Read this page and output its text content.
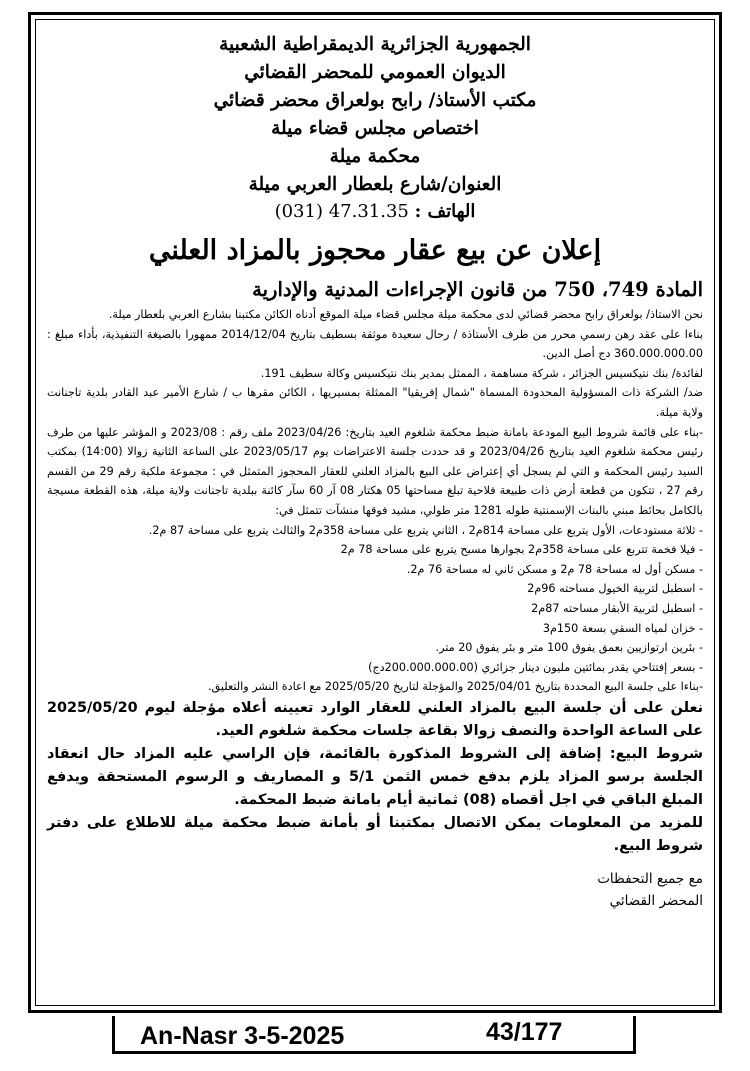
الجمهورية الجزائرية الديمقراطية الشعبية
الديوان العمومي للمحضر القضائي
مكتب الأستاذ/ رابح بولعراق محضر قضائي
اختصاص مجلس قضاء ميلة
محكمة ميلة
العنوان/شارع بلعطار العربي ميلة
الهاتف : (031) 47.31.35
إعلان عن بيع عقار محجوز بالمزاد العلني
المادة 749، 750 من قانون الإجراءات المدنية والإدارية

نحن الاستاذ/ بولعراق رابح محضر قضائي لدى محكمة ميلة مجلس قضاء ميلة الموقع أدناه الكائن مكتبنا بشارع العربي بلعطار ميلة.

بناءا على عقد رهن رسمي محرر من طرف الأستاذة / رحال سعيدة موثقة بسطيف بتاريخ 2014/12/04 ممهورا بالصيغة التنفيذية، بأداء مبلغ : 360.000.000.00 دج أصل الدين.

لفائدة/ بنك نتيكسيس الجزائر ، شركة مساهمة ، الممثل بمدير بنك نتيكسيس وكالة سطيف 191.

ضد/ الشركة ذات المسؤولية المحدودة المسماة "شمال إفريقيا" الممثلة بمسيريها ، الكائن مقرها ب / شارع الأمير عبد القادر بلدية تاجنانت ولاية ميلة.

-بناء على قائمة شروط البيع المودعة بامانة ضبط محكمة شلغوم العيد بتاريخ: 2023/04/26 ملف رقم : 2023/08 و المؤشر عليها من طرف رئيس محكمة شلغوم العيد بتاريخ 2023/04/26 و قد حددت جلسة الاعتراضات يوم 2023/05/17 على الساعة الثانية زوالا (14:00) بمكتب السيد رئيس المحكمة و التي لم يسجل أي إعتراض على البيع بالمزاد العلني للعقار المحجوز المتمثل في : مجموعة ملكية رقم 29 من القسم رقم 27 ، تتكون من قطعة أرض ذات طبيعة فلاحية تبلغ مساحتها 05 هكتار 08 آر 60 سآر كائنة ببلدية تاجنانت ولاية ميلة، هذه القطعة مسيجة بالكامل بحائط مبني بالبنات الإسمنتية طوله 1281 متر طولي، مشيد فوقها منشآت تتمثل في:

- ثلاثة مستودعات، الأول يتربع على مساحة 814م2 ، الثاني يتربع على مساحة 358م2 والثالث يتربع على مساحة 87 م2.

- فيلا فخمة تتربع على مساحة 358م2 بجوارها مسبح يتربع على مساحة 78 م2

- مسكن أول له مساحة 78 م2 و مسكن ثاني له مساحة 76 م2.

- اسطبل لتربية الخيول مساحته 96م2

- اسطبل لتربية الأبقار مساحته 87م2

- خزان لمياه السقي بسعة 150م3

- بئرين ارتوازيين بعمق يفوق 100 متر و بئر يفوق 20 متر.

- بسعر إفتتاحي يقدر بمائتين مليون دينار جزائري (200.000.000.00دج)

-بناءا على جلسة البيع المحددة بتاريخ 2025/04/01 والمؤجلة لتاريخ 2025/05/20 مع اعادة النشر والتعليق.

نعلن على أن جلسة البيع بالمزاد العلني للعقار الوارد تعيينه أعلاه مؤجلة ليوم 2025/05/20 على الساعة الواحدة والنصف زوالا بقاعة جلسات محكمة شلغوم العيد.

شروط البيع: إضافة إلى الشروط المذكورة بالقائمة، فإن الراسي عليه المزاد حال انعقاد الجلسة برسو المزاد يلزم بدفع خمس الثمن 5/1 و المصاريف و الرسوم المستحقة ويدفع المبلغ الباقي في اجل أقصاه (08) ثمانية أيام بامانة ضبط المحكمة.

للمزيد من المعلومات يمكن الاتصال بمكتبنا أو بأمانة ضبط محكمة ميلة للاطلاع على دفتر شروط البيع.

مع جميع التحفظات
المحضر القضائي
An-Nasr 3-5-2025	43/177
